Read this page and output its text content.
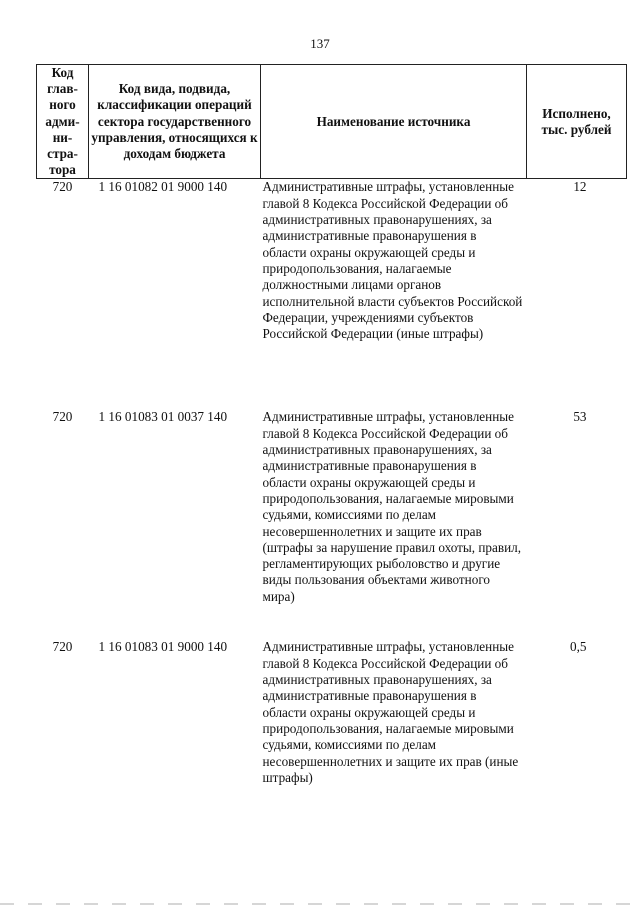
137
Код глав-ного адми-ни-стра-тора	Код вида, подвида, классификации операций сектора государственного управления, относящихся к доходам бюджета	Наименование источника	Исполнено, тыс. рублей
720	1 16 01082 01 9000 140	Административные штрафы, установленные главой 8 Кодекса Российской Федерации об административных правонарушениях, за административные правонарушения в области охраны окружающей среды и природопользования, налагаемые должностными лицами органов исполнительной власти субъектов Российской Федерации, учреждениями субъектов Российской Федерации (иные штрафы)	12
720	1 16 01083 01 0037 140	Административные штрафы, установленные главой 8 Кодекса Российской Федерации об административных правонарушениях, за административные правонарушения в области охраны окружающей среды и природопользования, налагаемые мировыми судьями, комиссиями по делам несовершеннолетних и защите их прав (штрафы за нарушение правил охоты, правил, регламентирующих рыболовство и другие виды пользования объектами животного мира)	53
720	1 16 01083 01 9000 140	Административные штрафы, установленные главой 8 Кодекса Российской Федерации об административных правонарушениях, за административные правонарушения в области охраны окружающей среды и природопользования, налагаемые мировыми судьями, комиссиями по делам несовершеннолетних и защите их прав (иные штрафы)	0,5
